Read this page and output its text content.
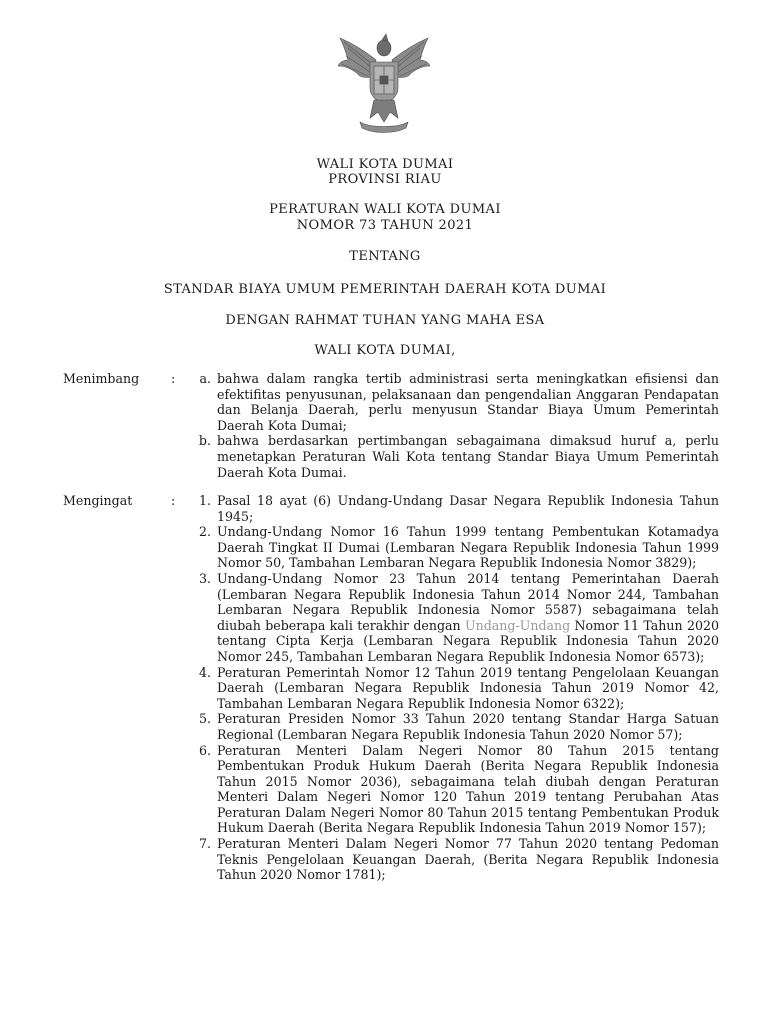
WALI KOTA DUMAI
PROVINSI RIAU
PERATURAN WALI KOTA DUMAI
NOMOR 73 TAHUN 2021
TENTANG
STANDAR BIAYA UMUM PEMERINTAH DAERAH KOTA DUMAI
DENGAN RAHMAT TUHAN YANG MAHA ESA
WALI KOTA DUMAI,
Menimbang	:	a. bahwa dalam rangka tertib administrasi serta meningkatkan efisiensi dan efektifitas penyusunan, pelaksanaan dan pengendalian Anggaran Pendapatan dan Belanja Daerah, perlu menyusun Standar Biaya Umum Pemerintah Daerah Kota Dumai;
b. bahwa berdasarkan pertimbangan sebagaimana dimaksud huruf a, perlu menetapkan Peraturan Wali Kota tentang Standar Biaya Umum Pemerintah Daerah Kota Dumai.
Mengingat	:	1. Pasal 18 ayat (6) Undang-Undang Dasar Negara Republik Indonesia Tahun 1945;
2. Undang-Undang Nomor 16 Tahun 1999 tentang Pembentukan Kotamadya Daerah Tingkat II Dumai (Lembaran Negara Republik Indonesia Tahun 1999 Nomor 50, Tambahan Lembaran Negara Republik Indonesia Nomor 3829);
3. Undang-Undang Nomor 23 Tahun 2014 tentang Pemerintahan Daerah (Lembaran Negara Republik Indonesia Tahun 2014 Nomor 244, Tambahan Lembaran Negara Republik Indonesia Nomor 5587) sebagaimana telah diubah beberapa kali terakhir dengan Undang-Undang Nomor 11 Tahun 2020 tentang Cipta Kerja (Lembaran Negara Republik Indonesia Tahun 2020 Nomor 245, Tambahan Lembaran Negara Republik Indonesia Nomor 6573);
4. Peraturan Pemerintah Nomor 12 Tahun 2019 tentang Pengelolaan Keuangan Daerah (Lembaran Negara Republik Indonesia Tahun 2019 Nomor 42, Tambahan Lembaran Negara Republik Indonesia Nomor 6322);
5. Peraturan Presiden Nomor 33 Tahun 2020 tentang Standar Harga Satuan Regional (Lembaran Negara Republik Indonesia Tahun 2020 Nomor 57);
6. Peraturan Menteri Dalam Negeri Nomor 80 Tahun 2015 tentang Pembentukan Produk Hukum Daerah (Berita Negara Republik Indonesia Tahun 2015 Nomor 2036), sebagaimana telah diubah dengan Peraturan Menteri Dalam Negeri Nomor 120 Tahun 2019 tentang Perubahan Atas Peraturan Dalam Negeri Nomor 80 Tahun 2015 tentang Pembentukan Produk Hukum Daerah (Berita Negara Republik Indonesia Tahun 2019 Nomor 157);
7. Peraturan Menteri Dalam Negeri Nomor 77 Tahun 2020 tentang Pedoman Teknis Pengelolaan Keuangan Daerah, (Berita Negara Republik Indonesia Tahun 2020 Nomor 1781);
